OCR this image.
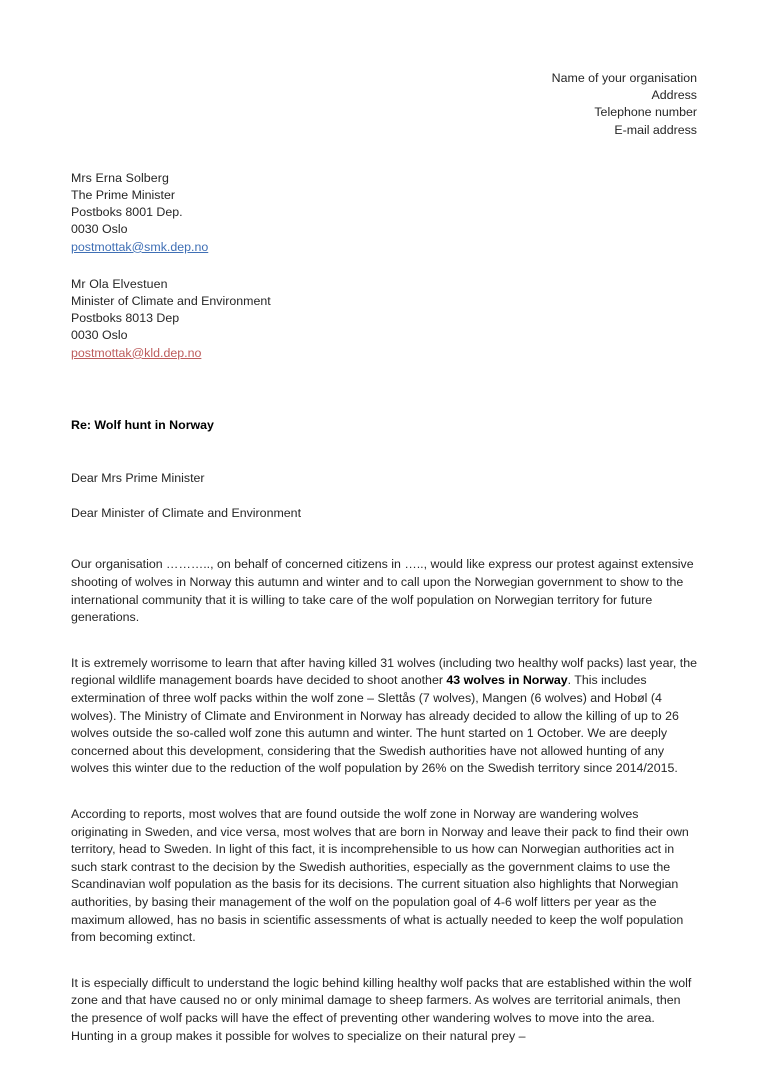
Name of your organisation
Address
Telephone number
E-mail address
Mrs Erna Solberg
The Prime Minister
Postboks 8001 Dep.
0030 Oslo
postmottak@smk.dep.no
Mr Ola Elvestuen
Minister of Climate and Environment
Postboks 8013 Dep
0030 Oslo
postmottak@kld.dep.no
Re: Wolf hunt in Norway
Dear Mrs Prime Minister
Dear Minister of Climate and Environment

Our organisation ……….., on behalf of concerned citizens in ….., would like express our protest against extensive shooting of wolves in Norway this autumn and winter and to call upon the Norwegian government to show to the international community that it is willing to take care of the wolf population on Norwegian territory for future generations.

It is extremely worrisome to learn that after having killed 31 wolves (including two healthy wolf packs) last year, the regional wildlife management boards have decided to shoot another 43 wolves in Norway. This includes extermination of three wolf packs within the wolf zone – Slettås (7 wolves), Mangen (6 wolves) and Hobøl (4 wolves). The Ministry of Climate and Environment in Norway has already decided to allow the killing of up to 26 wolves outside the so-called wolf zone this autumn and winter. The hunt started on 1 October. We are deeply concerned about this development, considering that the Swedish authorities have not allowed hunting of any wolves this winter due to the reduction of the wolf population by 26% on the Swedish territory since 2014/2015.

According to reports, most wolves that are found outside the wolf zone in Norway are wandering wolves originating in Sweden, and vice versa, most wolves that are born in Norway and leave their pack to find their own territory, head to Sweden. In light of this fact, it is incomprehensible to us how can Norwegian authorities act in such stark contrast to the decision by the Swedish authorities, especially as the government claims to use the Scandinavian wolf population as the basis for its decisions. The current situation also highlights that Norwegian authorities, by basing their management of the wolf on the population goal of 4-6 wolf litters per year as the maximum allowed, has no basis in scientific assessments of what is actually needed to keep the wolf population from becoming extinct.

It is especially difficult to understand the logic behind killing healthy wolf packs that are established within the wolf zone and that have caused no or only minimal damage to sheep farmers. As wolves are territorial animals, then the presence of wolf packs will have the effect of preventing other wandering wolves to move into the area. Hunting in a group makes it possible for wolves to specialize on their natural prey –
